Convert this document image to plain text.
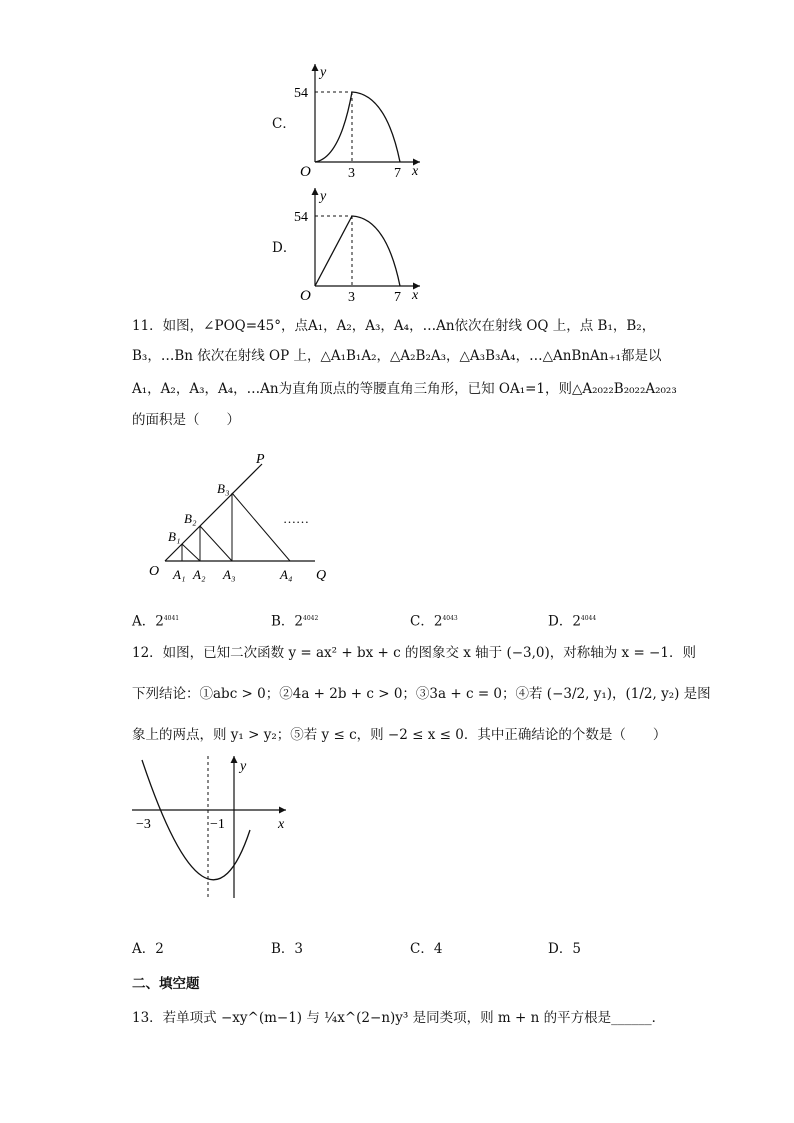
C．
y
x
O
54
3	7
D．
y
x
O
54
3	7
11．如图，∠POQ=45°，点A₁，A₂，A₃，A₄，…An依次在射线 OQ 上，点 B₁，B₂，
B₃，…Bn 依次在射线 OP 上，△A₁B₁A₂，△A₂B₂A₃，△A₃B₃A₄，…△AnBnAn₊₁都是以
A₁，A₂，A₃，A₄，…An为直角顶点的等腰直角三角形，已知 OA₁=1，则△A₂₀₂₂B₂₀₂₂A₂₀₂₃
的面积是（　　）
P
Q
O
B₁
B₂
B₃
A₁ A₂ A₃	A₄
……
A．$2^{4041}$	B．$2^{4042}$	C．$2^{4043}$	D．$2^{4044}$
12．如图，已知二次函数 y = ax² + bx + c 的图象交 x 轴于 (−3,0)，对称轴为 x = −1．则
下列结论：①abc > 0；②4a + 2b + c > 0；③3a + c = 0；④若 (−3/2, y₁)，(1/2, y₂) 是图
象上的两点，则 y₁ > y₂；⑤若 y ≤ c，则 −2 ≤ x ≤ 0．其中正确结论的个数是（　　）
y
x
−3	−1
A．2	B．3	C．4	D．5
二、填空题
13．若单项式 −xy^(m−1) 与 ¼x^(2−n)y³ 是同类项，则 m + n 的平方根是______．
